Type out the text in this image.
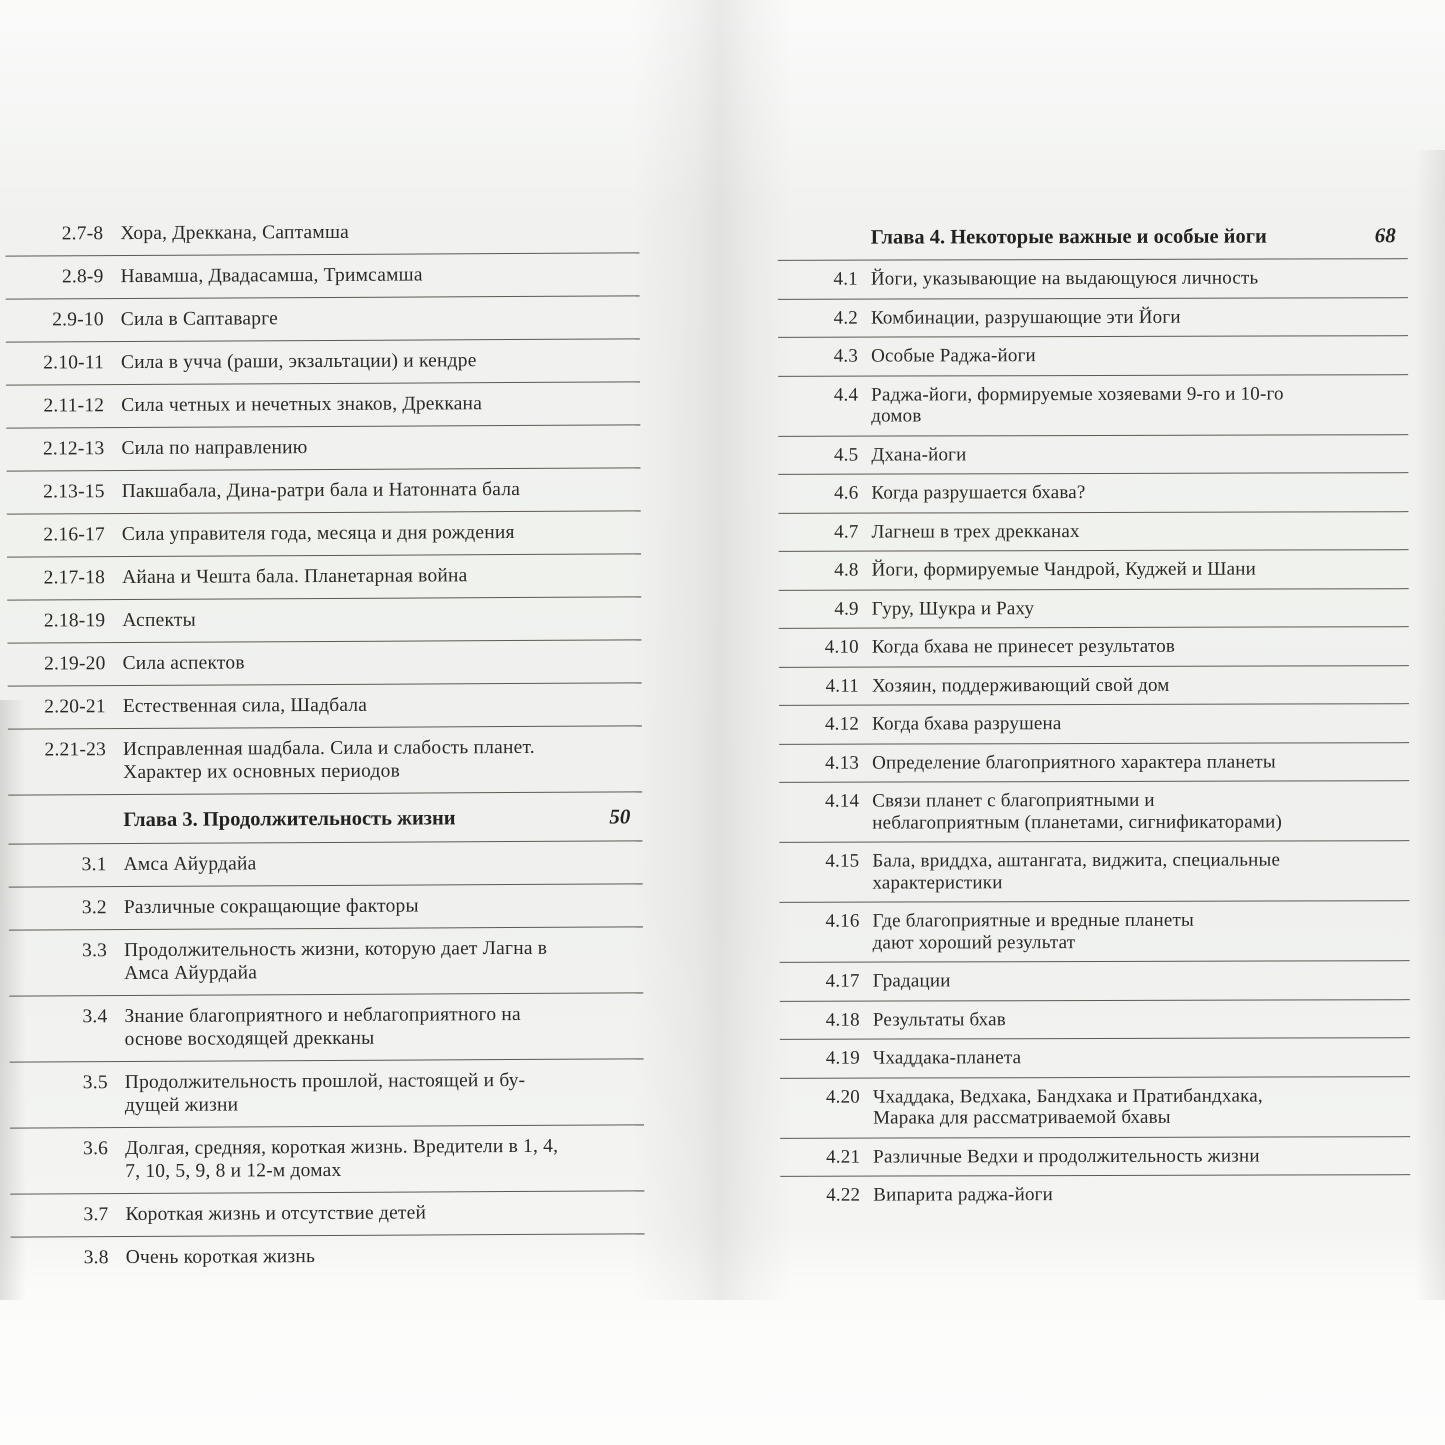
2.7-8 Хора, Дреккана, Саптамша
2.8-9 Навамша, Двадасамша, Тримсамша
2.9-10 Сила в Саптаварге
2.10-11 Сила в учча (раши, экзальтации) и кендре
2.11-12 Сила четных и нечетных знаков, Дреккана
2.12-13 Сила по направлению
2.13-15 Пакшабала, Дина-ратри бала и Натонната бала
2.16-17 Сила управителя года, месяца и дня рождения
2.17-18 Айана и Чешта бала. Планетарная война
2.18-19 Аспекты
2.19-20 Сила аспектов
2.20-21 Естественная сила, Шадбала
2.21-23 Исправленная шадбала. Сила и слабость планет.
Характер их основных периодов
Глава 3. Продолжительность жизни	50
3.1 Амса Айурдайа
3.2 Различные сокращающие факторы
3.3 Продолжительность жизни, которую дает Лагна в
Амса Айурдайа
3.4 Знание благоприятного и неблагоприятного на
основе восходящей дрекканы
3.5 Продолжительность прошлой, настоящей и бу-
дущей жизни
3.6 Долгая, средняя, короткая жизнь. Вредители в 1, 4,
7, 10, 5, 9, 8 и 12-м домах
3.7 Короткая жизнь и отсутствие детей
3.8 Очень короткая жизнь
Глава 4. Некоторые важные и особые йоги	68
4.1 Йоги, указывающие на выдающуюся личность
4.2 Комбинации, разрушающие эти Йоги
4.3 Особые Раджа-йоги
4.4 Раджа-йоги, формируемые хозяевами 9-го и 10-го
домов
4.5 Дхана-йоги
4.6 Когда разрушается бхава?
4.7 Лагнеш в трех дрекканах
4.8 Йоги, формируемые Чандрой, Куджей и Шани
4.9 Гуру, Шукра и Раху
4.10 Когда бхава не принесет результатов
4.11 Хозяин, поддерживающий свой дом
4.12 Когда бхава разрушена
4.13 Определение благоприятного характера планеты
4.14 Связи планет с благоприятными и
неблагоприятным (планетами, сигнификаторами)
4.15 Бала, вриддха, аштангата, виджита, специальные
характеристики
4.16 Где благоприятные и вредные планеты
дают хороший результат
4.17 Градации
4.18 Результаты бхав
4.19 Чхаддака-планета
4.20 Чхаддака, Ведхака, Бандхака и Пратибандхака,
Марака для рассматриваемой бхавы
4.21 Различные Ведхи и продолжительность жизни
4.22 Випарита раджа-йоги
